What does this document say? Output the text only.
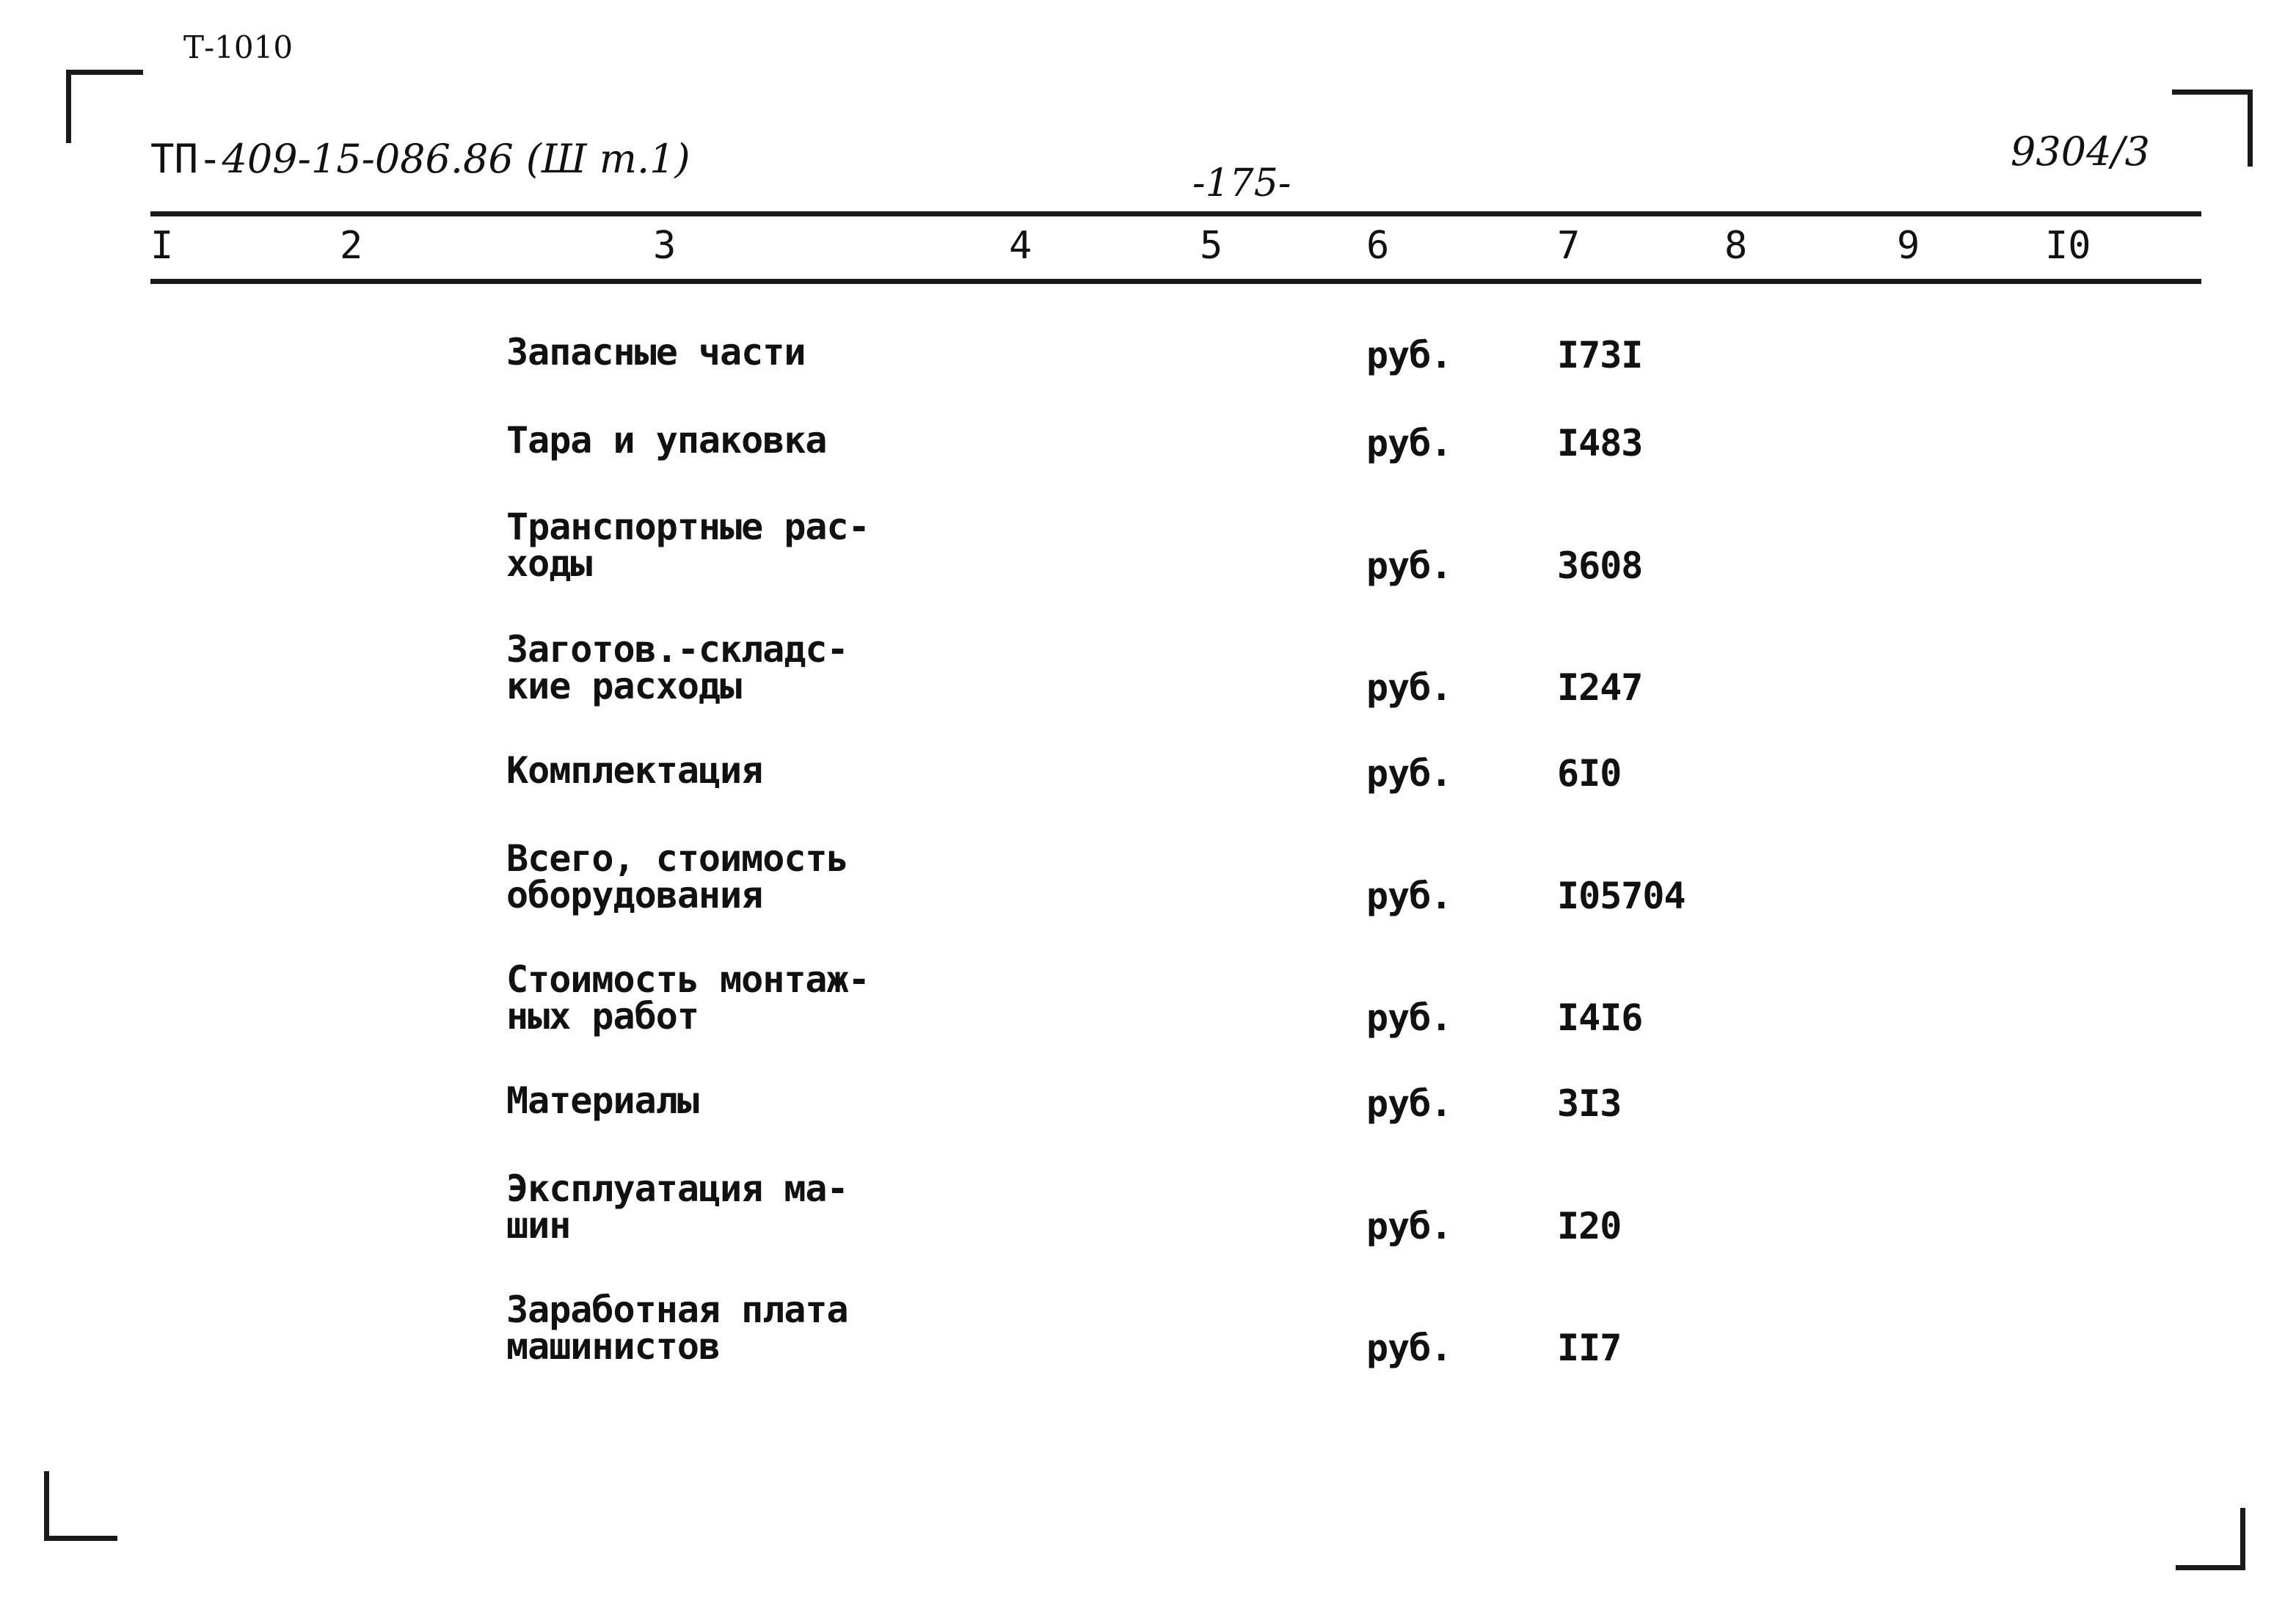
Т-1010
ТП-409-15-086.86 (Ш т.1)
-175-
9304/3
I	2	3	4	5	6	7	8	9	I0
Запасные части	руб.	I73I
Тара и упаковка	руб.	I483
Транспортные рас-
ходы	руб.	3608
Заготов.-складс-
кие расходы	руб.	I247
Комплектация	руб.	6I0
Всего, стоимость
оборудования	руб.	I05704
Стоимость монтаж-
ных работ	руб.	I4I6
Материалы	руб.	3I3
Эксплуатация ма-
шин	руб.	I20
Заработная плата
машинистов	руб.	II7
